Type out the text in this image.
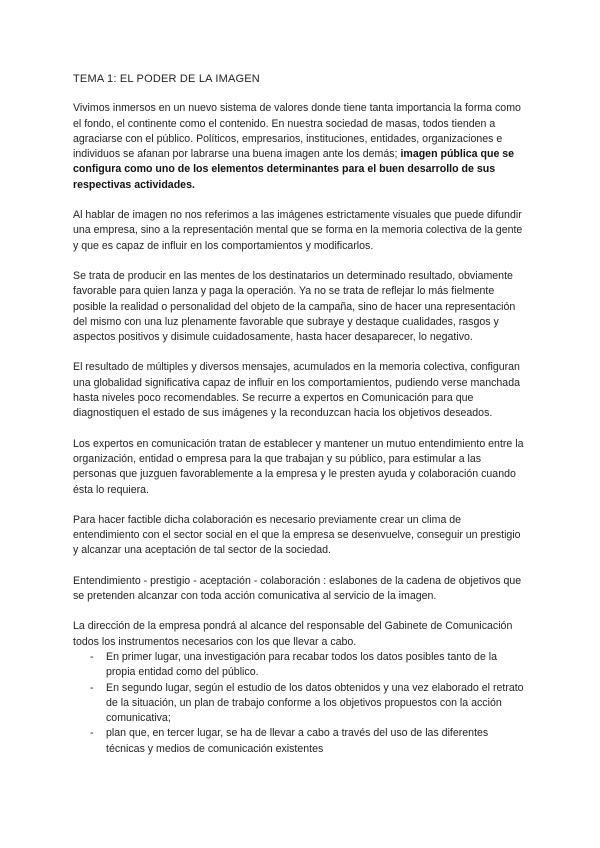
TEMA 1: EL PODER DE LA IMAGEN

Vivimos inmersos en un nuevo sistema de valores donde tiene tanta importancia la forma como el fondo, el continente como el contenido. En nuestra sociedad de masas, todos tienden a agraciarse con el público. Políticos, empresarios, instituciones, entidades, organizaciones e individuos se afanan por labrarse una buena imagen ante los demás; imagen pública que se configura como uno de los elementos determinantes para el buen desarrollo de sus respectivas actividades.

Al hablar de imagen no nos referimos a las imágenes estrictamente visuales que puede difundir una empresa, sino a la representación mental que se forma en la memoria colectiva de la gente y que es capaz de influir en los comportamientos y modificarlos.

Se trata de producir en las mentes de los destinatarios un determinado resultado, obviamente favorable para quien lanza y paga la operación. Ya no se trata de reflejar lo más fielmente posible la realidad o personalidad del objeto de la campaña, sino de hacer una representación del mismo con una luz plenamente favorable que subraye y destaque cualidades, rasgos y aspectos positivos y disimule cuidadosamente, hasta hacer desaparecer, lo negativo.

El resultado de múltiples y diversos mensajes, acumulados en la memoria colectiva, configuran una globalidad significativa capaz de influir en los comportamientos, pudiendo verse manchada hasta niveles poco recomendables. Se recurre a expertos en Comunicación para que diagnostiquen el estado de sus imágenes y la reconduzcan hacia los objetivos deseados.

Los expertos en comunicación tratan de establecer y mantener un mutuo entendimiento entre la organización, entidad o empresa para la que trabajan y su público, para estimular a las personas que juzguen favorablemente a la empresa y le presten ayuda y colaboración cuando ésta lo requiera.

Para hacer factible dicha colaboración es necesario previamente crear un clima de entendimiento con el sector social en el que la empresa se desenvuelve, conseguir un prestigio y alcanzar una aceptación de tal sector de la sociedad.

Entendimiento - prestigio - aceptación - colaboración : eslabones de la cadena de objetivos que se pretenden alcanzar con toda acción comunicativa al servicio de la imagen.

La dirección de la empresa pondrá al alcance del responsable del Gabinete de Comunicación todos los instrumentos necesarios con los que llevar a cabo.

- En primer lugar, una investigación para recabar todos los datos posibles tanto de la propia entidad como del público.
- En segundo lugar, según el estudio de los datos obtenidos y una vez elaborado el retrato de la situación, un plan de trabajo conforme a los objetivos propuestos con la acción comunicativa;
- plan que, en tercer lugar, se ha de llevar a cabo a través del uso de las diferentes técnicas y medios de comunicación existentes
